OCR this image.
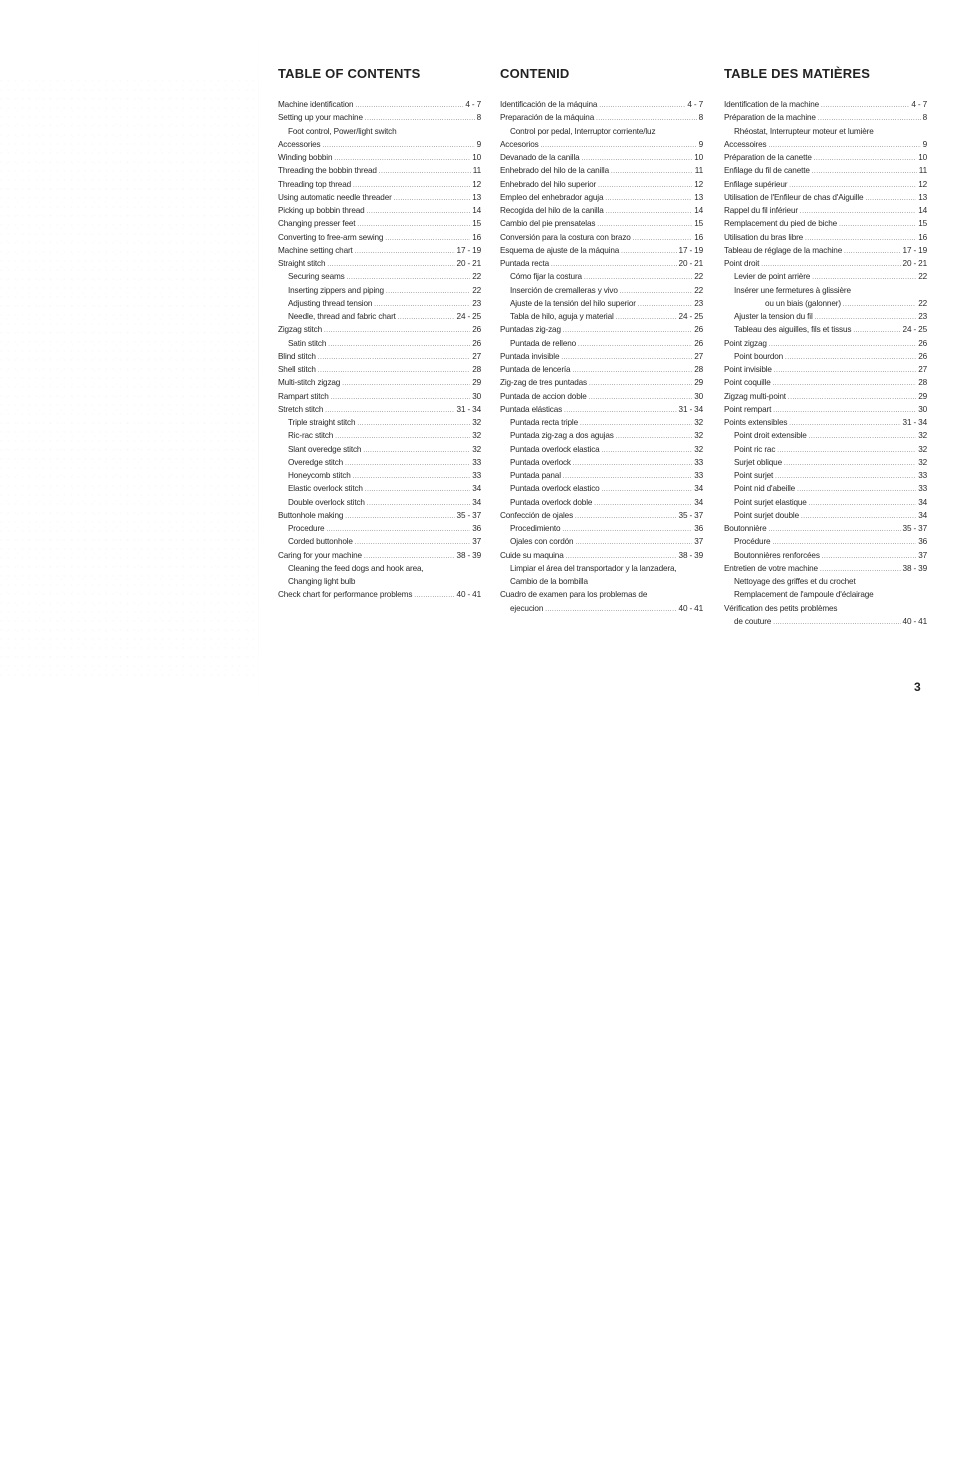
TABLE OF CONTENTS
Machine identification .....	4 - 7
Setting up your machine .....	8
Foot control, Power/light switch
Accessories .....	9
Winding bobbin .....	10
Threading the bobbin thread .....	11
Threading top thread .....	12
Using automatic needle threader .....	13
Picking up bobbin thread .....	14
Changing presser feet .....	15
Converting to free-arm sewing .....	16
Machine setting chart .....	17 - 19
Straight stitch .....	20 - 21
Securing seams .....	22
Inserting zippers and piping .....	22
Adjusting thread tension .....	23
Needle, thread and fabric chart .....	24 - 25
Zigzag stitch .....	26
Satin stitch .....	26
Blind stitch .....	27
Shell stitch .....	28
Multi-stitch zigzag .....	29
Rampart stitch .....	30
Stretch stitch .....	31 - 34
Triple straight stitch .....	32
Ric-rac stitch .....	32
Slant overedge stitch .....	32
Overedge stitch .....	33
Honeycomb stitch .....	33
Elastic overlock stitch .....	34
Double overlock stitch .....	34
Buttonhole making .....	35 - 37
Procedure .....	36
Corded buttonhole .....	37
Caring for your machine .....	38 - 39
Cleaning the feed dogs and hook area,
Changing light bulb
Check chart for performance problems .....	40 - 41
CONTENID
Identificación de la máquina .....	4 - 7
Preparación de la máquina .....	8
Control por pedal, Interruptor corriente/luz
Accesorios .....	9
Devanado de la canilla .....	10
Enhebrado del hilo de la canilla .....	11
Enhebrado del hilo superior .....	12
Empleo del enhebrador aguja .....	13
Recogida del hilo de la canilla .....	14
Cambio del pie prensatelas .....	15
Conversión para la costura con brazo .....	16
Esquema de ajuste de la máquina .....	17 - 19
Puntada recta .....	20 - 21
Cómo fijar la costura .....	22
Inserción de cremalleras y vivo .....	22
Ajuste de la tensión del hilo superior .....	23
Tabla de hilo, aguja y material .....	24 - 25
Puntadas zig-zag .....	26
Puntada de relleno .....	26
Puntada invisible .....	27
Puntada de lencería .....	28
Zig-zag de tres puntadas .....	29
Puntada de accion doble .....	30
Puntada elásticas .....	31 - 34
Puntada recta triple .....	32
Puntada zig-zag a dos agujas .....	32
Puntada overlock elastica .....	32
Puntada overlock .....	33
Puntada panal .....	33
Puntada overlock elastico .....	34
Puntada overlock doble .....	34
Confección de ojales .....	35 - 37
Procedimiento .....	36
Ojales con cordón .....	37
Cuide su maquina .....	38 - 39
Limpiar el área del transportador y la lanzadera,
Cambio de la bombilla
Cuadro de examen para los problemas de
ejecucion .....	40 - 41
TABLE DES MATIÈRES
Identification de la machine .....	4 - 7
Préparation de la machine .....	8
Rhéostat, Interrupteur moteur et lumière
Accessoires .....	9
Préparation de la canette .....	10
Enfilage du fil de canette .....	11
Enfilage supérieur .....	12
Utilisation de l'Enfileur de chas d'Aiguille .....	13
Rappel du fil inférieur .....	14
Remplacement du pied de biche .....	15
Utilisation du bras libre .....	16
Tableau de réglage de la machine .....	17 - 19
Point droit .....	20 - 21
Levier de point arrière .....	22
Insérer une fermetures à glissière
ou un biais (galonner) .....	22
Ajuster la tension du fil .....	23
Tableau des aiguilles, fils et tissus .....	24 - 25
Point zigzag .....	26
Point bourdon .....	26
Point invisible .....	27
Point coquille .....	28
Zigzag multi-point .....	29
Point rempart .....	30
Points extensibles .....	31 - 34
Point droit extensible .....	32
Point ric rac .....	32
Surjet oblique .....	32
Point surjet .....	33
Point nid d'abeille .....	33
Point surjet elastique .....	34
Point surjet double .....	34
Boutonnière .....	35 - 37
Procédure .....	36
Boutonnières renforcées .....	37
Entretien de votre machine .....	38 - 39
Nettoyage des griffes et du crochet
Remplacement de l'ampoule d'éclairage
Vérification des petits problèmes
de couture .....	40 - 41
3
